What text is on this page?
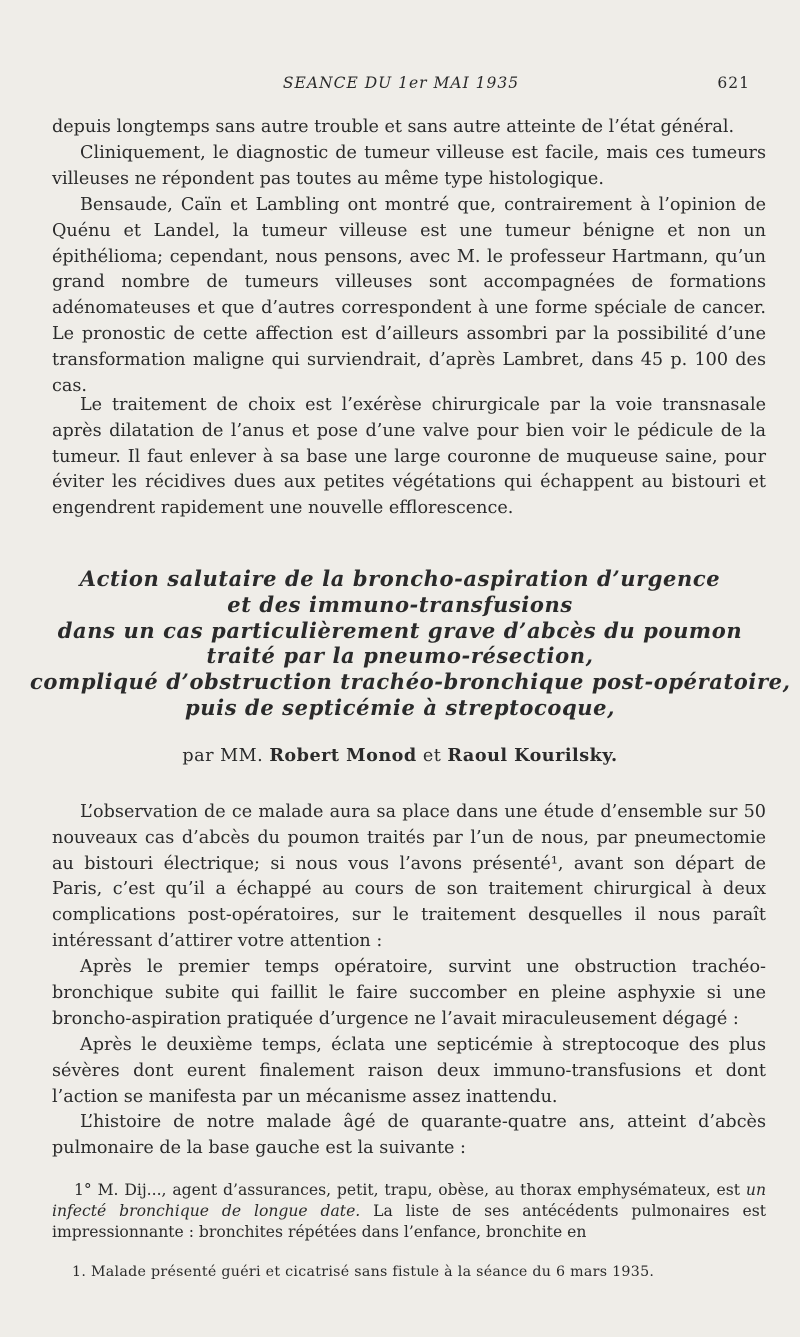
SEANCE DU 1er MAI 1935	621

depuis longtemps sans autre trouble et sans autre atteinte de l’état général.

Cliniquement, le diagnostic de tumeur villeuse est facile, mais ces tumeurs villeuses ne répondent pas toutes au même type histologique.

Bensaude, Caïn et Lambling ont montré que, contrairement à l’opinion de Quénu et Landel, la tumeur villeuse est une tumeur bénigne et non un épithélioma; cependant, nous pensons, avec M. le professeur Hartmann, qu’un grand nombre de tumeurs villeuses sont accompagnées de formations adénomateuses et que d’autres correspondent à une forme spéciale de cancer. Le pronostic de cette affection est d’ailleurs assombri par la possibilité d’une transformation maligne qui surviendrait, d’après Lambret, dans 45 p. 100 des cas.

Le traitement de choix est l’exérèse chirurgicale par la voie transnasale après dilatation de l’anus et pose d’une valve pour bien voir le pédicule de la tumeur. Il faut enlever à sa base une large couronne de muqueuse saine, pour éviter les récidives dues aux petites végétations qui échappent au bistouri et engendrent rapidement une nouvelle efflorescence.

Action salutaire de la broncho-aspiration d’urgence
et des immuno-transfusions
dans un cas particulièrement grave d’abcès du poumon
traité par la pneumo-résection,
compliqué d’obstruction trachéo-bronchique post-opératoire,
puis de septicémie à streptocoque,
par MM. Robert Monod et Raoul Kourilsky.

L’observation de ce malade aura sa place dans une étude d’ensemble sur 50 nouveaux cas d’abcès du poumon traités par l’un de nous, par pneumectomie au bistouri électrique; si nous vous l’avons présenté¹, avant son départ de Paris, c’est qu’il a échappé au cours de son traitement chirurgical à deux complications post-opératoires, sur le traitement desquelles il nous paraît intéressant d’attirer votre attention :

Après le premier temps opératoire, survint une obstruction trachéo-bronchique subite qui faillit le faire succomber en pleine asphyxie si une broncho-aspiration pratiquée d’urgence ne l’avait miraculeusement dégagé :

Après le deuxième temps, éclata une septicémie à streptocoque des plus sévères dont eurent finalement raison deux immuno-transfusions et dont l’action se manifesta par un mécanisme assez inattendu.

L’histoire de notre malade âgé de quarante-quatre ans, atteint d’abcès pulmonaire de la base gauche est la suivante :

1° M. Dij..., agent d’assurances, petit, trapu, obèse, au thorax emphysémateux, est un infecté bronchique de longue date. La liste de ses antécédents pulmonaires est impressionnante : bronchites répétées dans l’enfance, bronchite en

1. Malade présenté guéri et cicatrisé sans fistule à la séance du 6 mars 1935.
